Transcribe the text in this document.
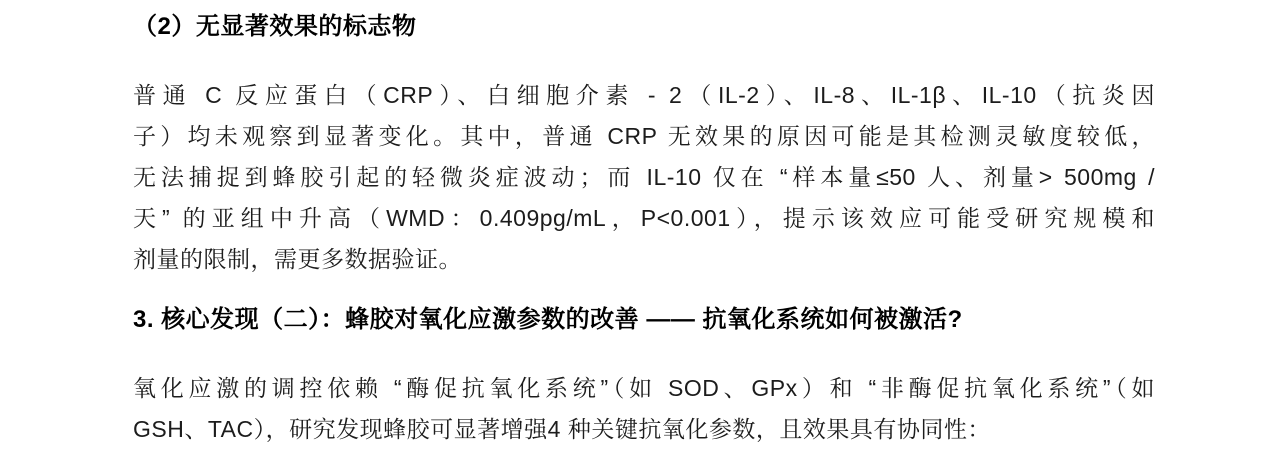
（2）无显著效果的标志物
普通 C 反应蛋白（CRP）、白细胞介素 - 2（IL-2）、IL-8、IL-1β、IL-10（抗炎因
子）均未观察到显著变化。其中，普通 CRP 无效果的原因可能是其检测灵敏度较低，
无法捕捉到蜂胶引起的轻微炎症波动；而 IL-10 仅在 “样本量≤50 人、剂量> 500mg /
天” 的亚组中升高（WMD：0.409pg/mL，P<0.001），提示该效应可能受研究规模和
剂量的限制，需更多数据验证。
3. 核心发现（二）：蜂胶对氧化应激参数的改善 —— 抗氧化系统如何被激活?
氧化应激的调控依赖 “酶促抗氧化系统”（如 SOD、GPx）和 “非酶促抗氧化系统”（如
GSH、TAC），研究发现蜂胶可显著增强4 种关键抗氧化参数，且效果具有协同性：
